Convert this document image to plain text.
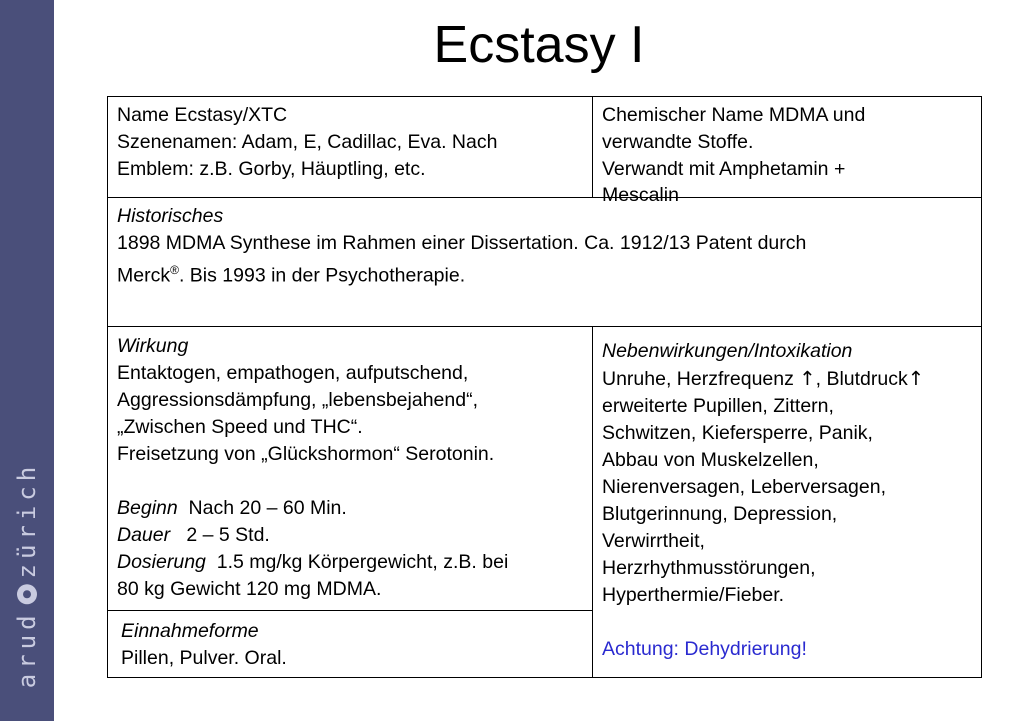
arud
zürich
Ecstasy I
Name Ecstasy/XTC
Szenenamen: Adam, E, Cadillac, Eva. Nach
Emblem: z.B. Gorby, Häuptling, etc.
Chemischer Name MDMA und
verwandte Stoffe.
Verwandt mit Amphetamin +
Mescalin
Historisches
1898 MDMA Synthese im Rahmen einer Dissertation. Ca. 1912/13 Patent durch
Merck®. Bis 1993 in der Psychotherapie.
Wirkung
Entaktogen, empathogen, aufputschend,
Aggressionsdämpfung, „lebensbejahend“,
„Zwischen Speed und THC“.
Freisetzung von „Glückshormon“ Serotonin.
Beginn  Nach 20 – 60 Min.
Dauer   2 – 5 Std.
Dosierung  1.5 mg/kg Körpergewicht, z.B. bei
80 kg Gewicht 120 mg MDMA.
Einnahmeforme
Pillen, Pulver. Oral.
Nebenwirkungen/Intoxikation
Unruhe, Herzfrequenz ↑, Blutdruck↑
erweiterte Pupillen, Zittern,
Schwitzen, Kiefersperre, Panik,
Abbau von Muskelzellen,
Nierenversagen, Leberversagen,
Blutgerinnung, Depression,
Verwirrtheit,
Herzrhythmusstörungen,
Hyperthermie/Fieber.
Achtung: Dehydrierung!
